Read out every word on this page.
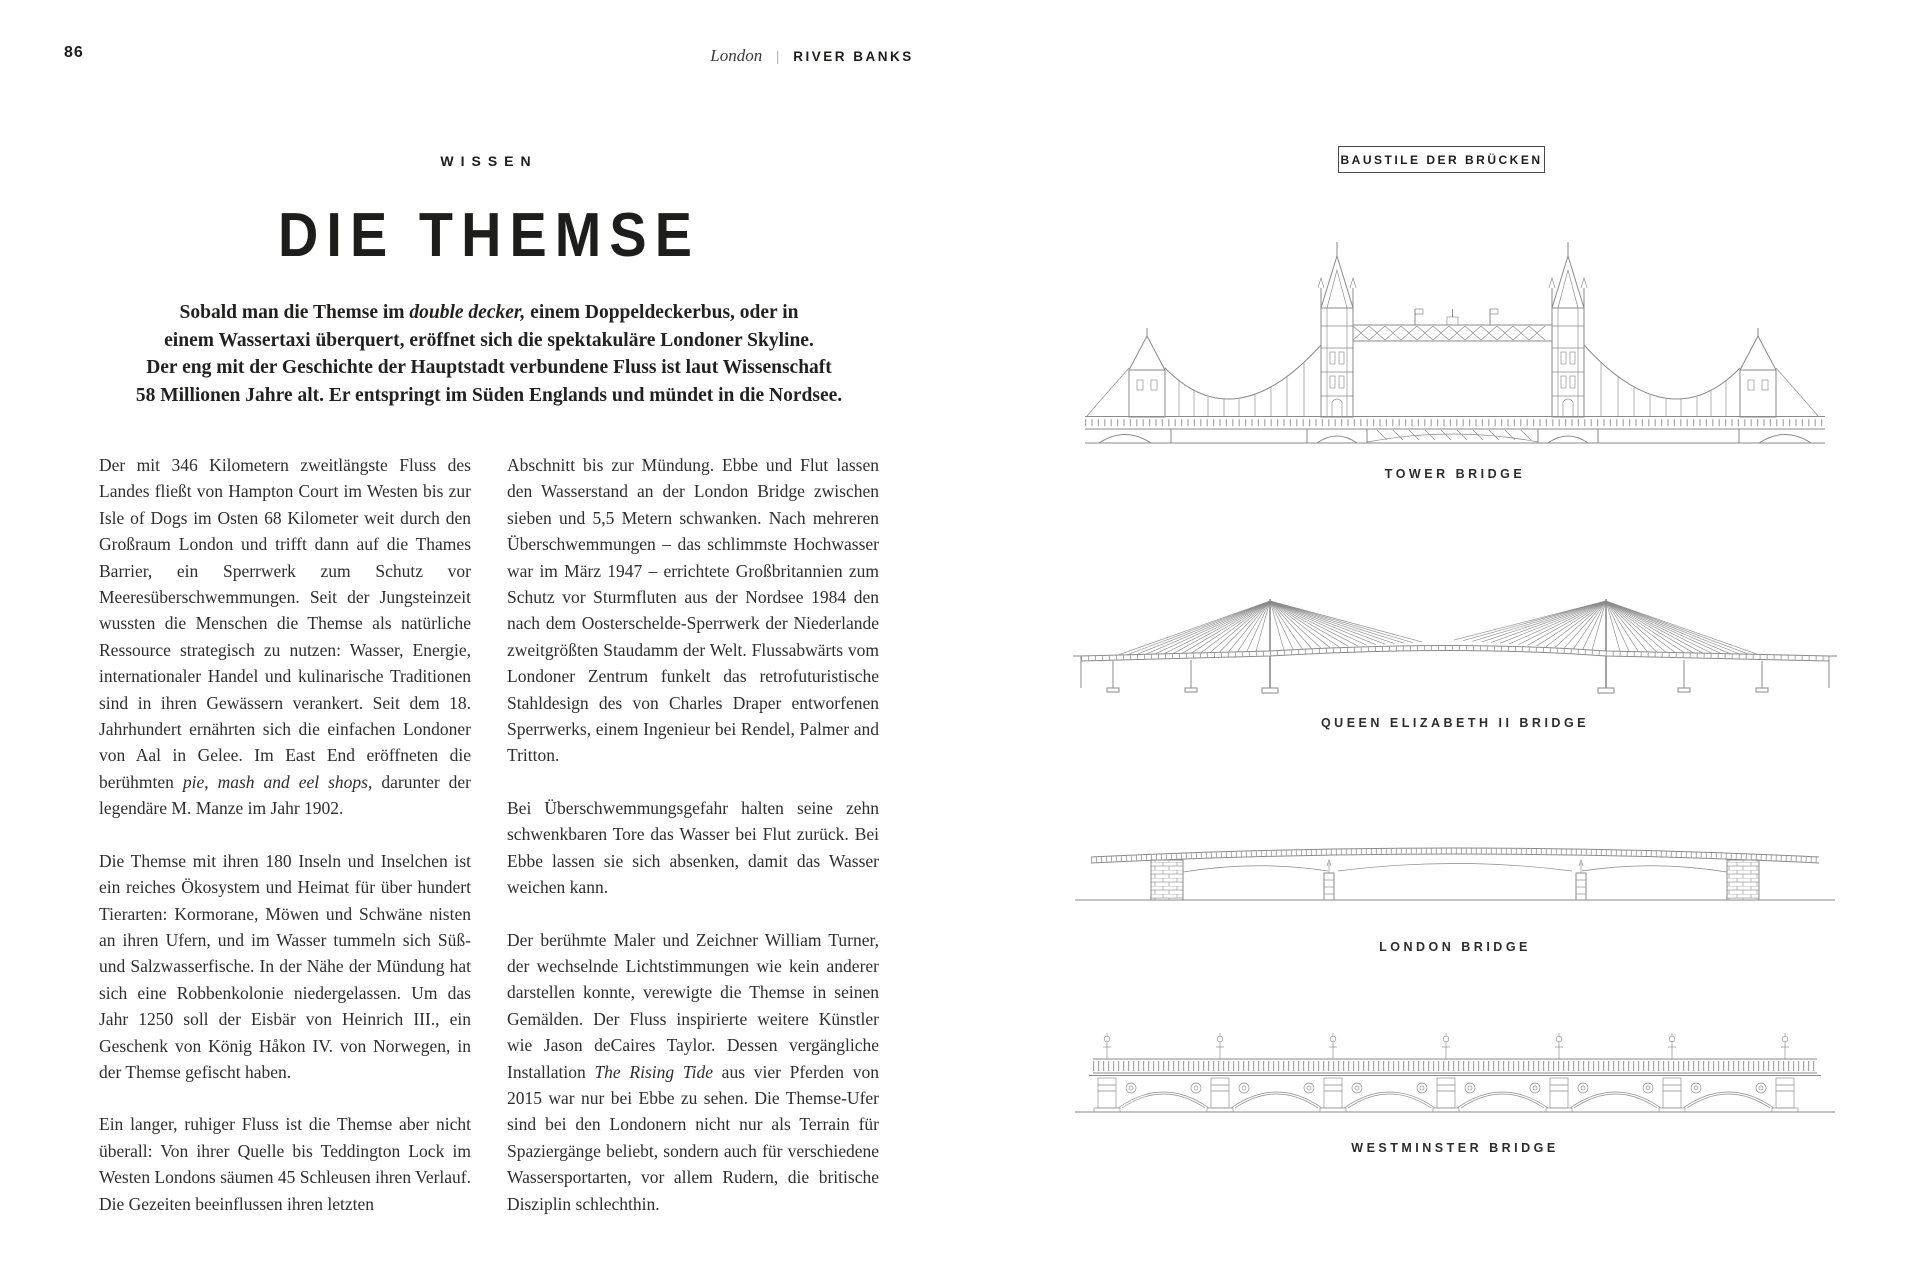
86	London | RIVER BANKS
WISSEN
DIE THEMSE
Sobald man die Themse im double decker, einem Doppeldeckerbus, oder in
einem Wassertaxi überquert, eröffnet sich die spektakuläre Londoner Skyline.
Der eng mit der Geschichte der Hauptstadt verbundene Fluss ist laut Wissenschaft
58 Millionen Jahre alt. Er entspringt im Süden Englands und mündet in die Nordsee.

Der mit 346 Kilometern zweitlängste Fluss des Landes fließt von Hampton Court im Westen bis zur Isle of Dogs im Osten 68 Kilometer weit durch den Großraum London und trifft dann auf die Thames Barrier, ein Sperrwerk zum Schutz vor Meeresüberschwemmungen. Seit der Jungsteinzeit wussten die Menschen die Themse als natürliche Ressource strategisch zu nutzen: Wasser, Energie, internationaler Handel und kulinarische Traditionen sind in ihren Gewässern verankert. Seit dem 18. Jahrhundert ernährten sich die einfachen Londoner von Aal in Gelee. Im East End eröffneten die berühmten pie, mash and eel shops, darunter der legendäre M. Manze im Jahr 1902.

Die Themse mit ihren 180 Inseln und Inselchen ist ein reiches Ökosystem und Heimat für über hundert Tierarten: Kormorane, Möwen und Schwäne nisten an ihren Ufern, und im Wasser tummeln sich Süß- und Salzwasserfische. In der Nähe der Mündung hat sich eine Robbenkolonie niedergelassen. Um das Jahr 1250 soll der Eisbär von Heinrich III., ein Geschenk von König Håkon IV. von Norwegen, in der Themse gefischt haben.

Ein langer, ruhiger Fluss ist die Themse aber nicht überall: Von ihrer Quelle bis Teddington Lock im Westen Londons säumen 45 Schleusen ihren Verlauf. Die Gezeiten beeinflussen ihren letzten

Abschnitt bis zur Mündung. Ebbe und Flut lassen den Wasserstand an der London Bridge zwischen sieben und 5,5 Metern schwanken. Nach mehreren Überschwemmungen – das schlimmste Hochwasser war im März 1947 – errichtete Großbritannien zum Schutz vor Sturmfluten aus der Nordsee 1984 den nach dem Oosterschelde-Sperrwerk der Niederlande zweitgrößten Staudamm der Welt. Flussabwärts vom Londoner Zentrum funkelt das retrofuturistische Stahldesign des von Charles Draper entworfenen Sperrwerks, einem Ingenieur bei Rendel, Palmer and Tritton.

Bei Überschwemmungsgefahr halten seine zehn schwenkbaren Tore das Wasser bei Flut zurück. Bei Ebbe lassen sie sich absenken, damit das Wasser weichen kann.

Der berühmte Maler und Zeichner William Turner, der wechselnde Lichtstimmungen wie kein anderer darstellen konnte, verewigte die Themse in seinen Gemälden. Der Fluss inspirierte weitere Künstler wie Jason deCaires Taylor. Dessen vergängliche Installation The Rising Tide aus vier Pferden von 2015 war nur bei Ebbe zu sehen. Die Themse-Ufer sind bei den Londonern nicht nur als Terrain für Spaziergänge beliebt, sondern auch für verschiedene Wassersportarten, vor allem Rudern, die britische Disziplin schlechthin.

BAUSTILE DER BRÜCKEN
TOWER BRIDGE
QUEEN ELIZABETH II BRIDGE
LONDON BRIDGE
WESTMINSTER BRIDGE
